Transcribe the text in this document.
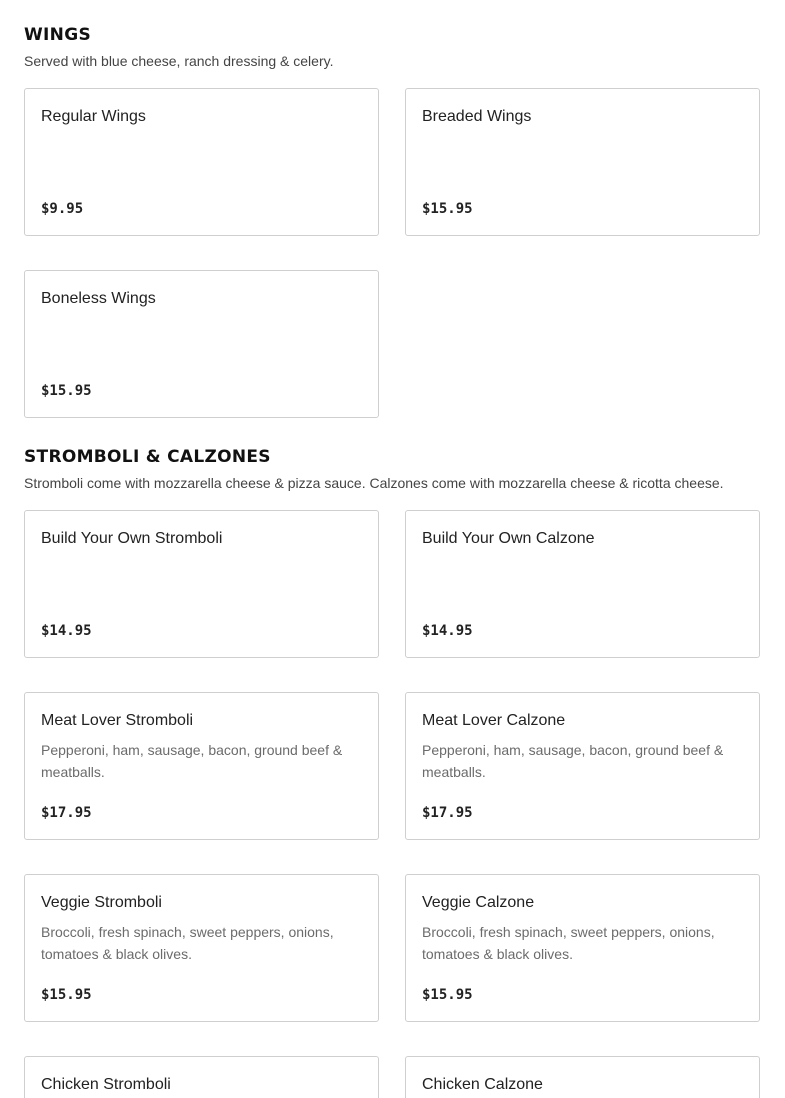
WINGS

Served with blue cheese, ranch dressing & celery.

Regular Wings
$9.95
Breaded Wings
$15.95
Boneless Wings
$15.95
STROMBOLI & CALZONES

Stromboli come with mozzarella cheese & pizza sauce. Calzones come with mozzarella cheese & ricotta cheese.

Build Your Own Stromboli
$14.95
Build Your Own Calzone
$14.95
Meat Lover Stromboli
Pepperoni, ham, sausage, bacon, ground beef & meatballs.
$17.95
Meat Lover Calzone
Pepperoni, ham, sausage, bacon, ground beef & meatballs.
$17.95
Veggie Stromboli
Broccoli, fresh spinach, sweet peppers, onions, tomatoes & black olives.
$15.95
Veggie Calzone
Broccoli, fresh spinach, sweet peppers, onions, tomatoes & black olives.
$15.95
Chicken Stromboli	Chicken Calzone
